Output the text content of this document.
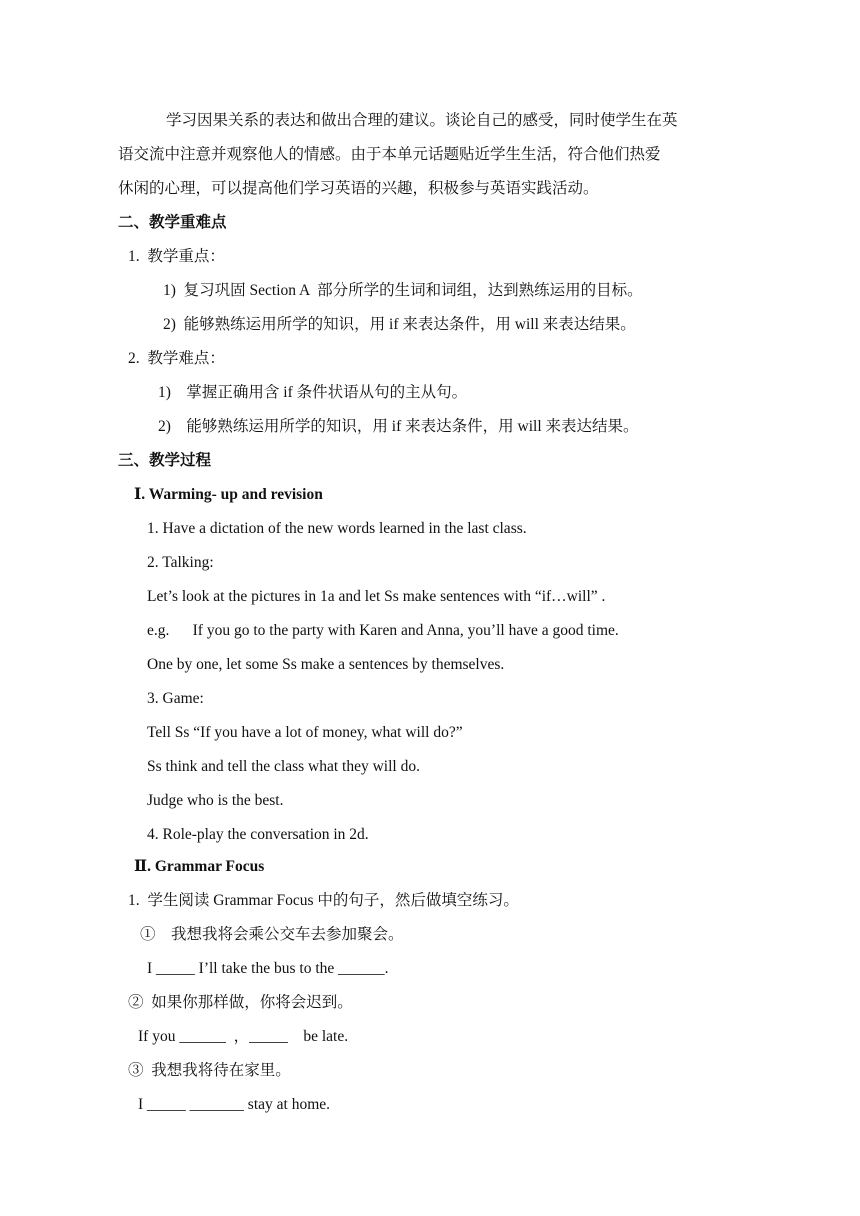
学习因果关系的表达和做出合理的建议。谈论自己的感受，同时使学生在英
语交流中注意并观察他人的情感。由于本单元话题贴近学生生活，符合他们热爱
休闲的心理，可以提高他们学习英语的兴趣，积极参与英语实践活动。
二、教学重难点
1.  教学重点：
1)  复习巩固 Section A  部分所学的生词和词组，达到熟练运用的目标。
2)  能够熟练运用所学的知识，用 if 来表达条件，用 will 来表达结果。
2.  教学难点：
1)    掌握正确用含 if 条件状语从句的主从句。
2)    能够熟练运用所学的知识，用 if 来表达条件，用 will 来表达结果。
三、教学过程
Ⅰ. Warming- up and revision
1. Have a dictation of the new words learned in the last class.
2. Talking:
Let’s look at the pictures in 1a and let Ss make sentences with “if…will” .
e.g.      If you go to the party with Karen and Anna, you’ll have a good time.
One by one, let some Ss make a sentences by themselves.
3. Game:
Tell Ss “If you have a lot of money, what will do?”
Ss think and tell the class what they will do.
Judge who is the best.
4. Role-play the conversation in 2d.
Ⅱ. Grammar Focus
1.  学生阅读 Grammar Focus 中的句子，然后做填空练习。
①    我想我将会乘公交车去参加聚会。
I _____ I’ll take the bus to the ______.
②  如果你那样做，你将会迟到。
If you ______  ，_____    be late.
③  我想我将待在家里。
I _____ _______ stay at home.
